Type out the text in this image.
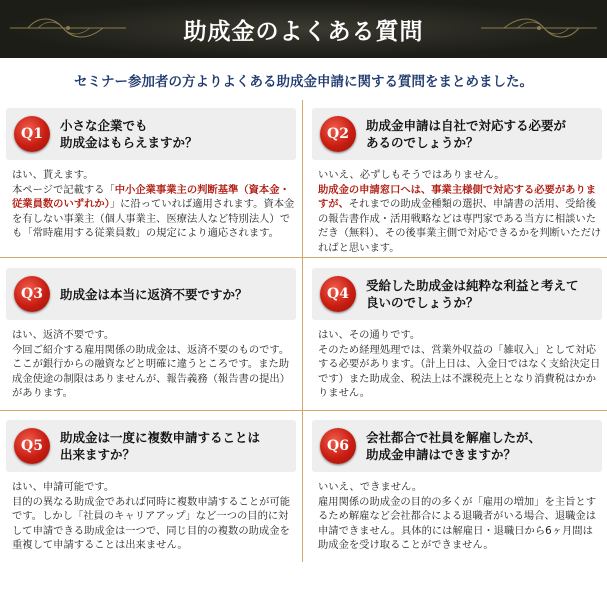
助成金のよくある質問
セミナー参加者の方よりよくある助成金申請に関する質問をまとめました。
Q1
小さな企業でも
助成金はもらえますか？
はい、貰えます。
本ページで記載する「中小企業事業主の判断基準（資本金・従業員数のいずれか）」に沿っていれば適用されます。資本金を有しない事業主（個人事業主、医療法人など特別法人）でも「常時雇用する従業員数」の規定により適応されます。
Q2
助成金申請は自社で対応する必要が
あるのでしょうか？
いいえ、必ずしもそうではありません。
助成金の申請窓口へは、事業主様側で対応する必要がありますが、それまでの助成金種類の選択、申請書の活用、受給後の報告書作成・活用戦略などは専門家である当方に相談いただき（無料）、その後事業主側で対応できるかを判断いただければと思います。
Q3	助成金は本当に返済不要ですか？
はい、返済不要です。
今回ご紹介する雇用関係の助成金は、返済不要のものです。ここが銀行からの融資などと明確に違うところです。また助成金使途の制限はありませんが、報告義務（報告書の提出）があります。
Q4
受給した助成金は純粋な利益と考えて
良いのでしょうか？
はい、その通りです。
そのため経理処理では、営業外収益の「雑収入」として対応する必要があります。（計上日は、入金日ではなく支給決定日です）また助成金、税法上は不課税売上となり消費税はかかりません。
Q5
助成金は一度に複数申請することは
出来ますか？
はい、申請可能です。
目的の異なる助成金であれば同時に複数申請することが可能です。しかし「社員のキャリアアップ」など一つの目的に対して申請できる助成金は一つで、同じ目的の複数の助成金を重複して申請することは出来ません。
Q6
会社都合で社員を解雇したが、
助成金申請はできますか？
いいえ、できません。
雇用関係の助成金の目的の多くが「雇用の増加」を主旨とするため解雇など会社都合による退職者がいる場合、退職金は申請できません。具体的には解雇日・退職日から6ヶ月間は助成金を受け取ることができません。
